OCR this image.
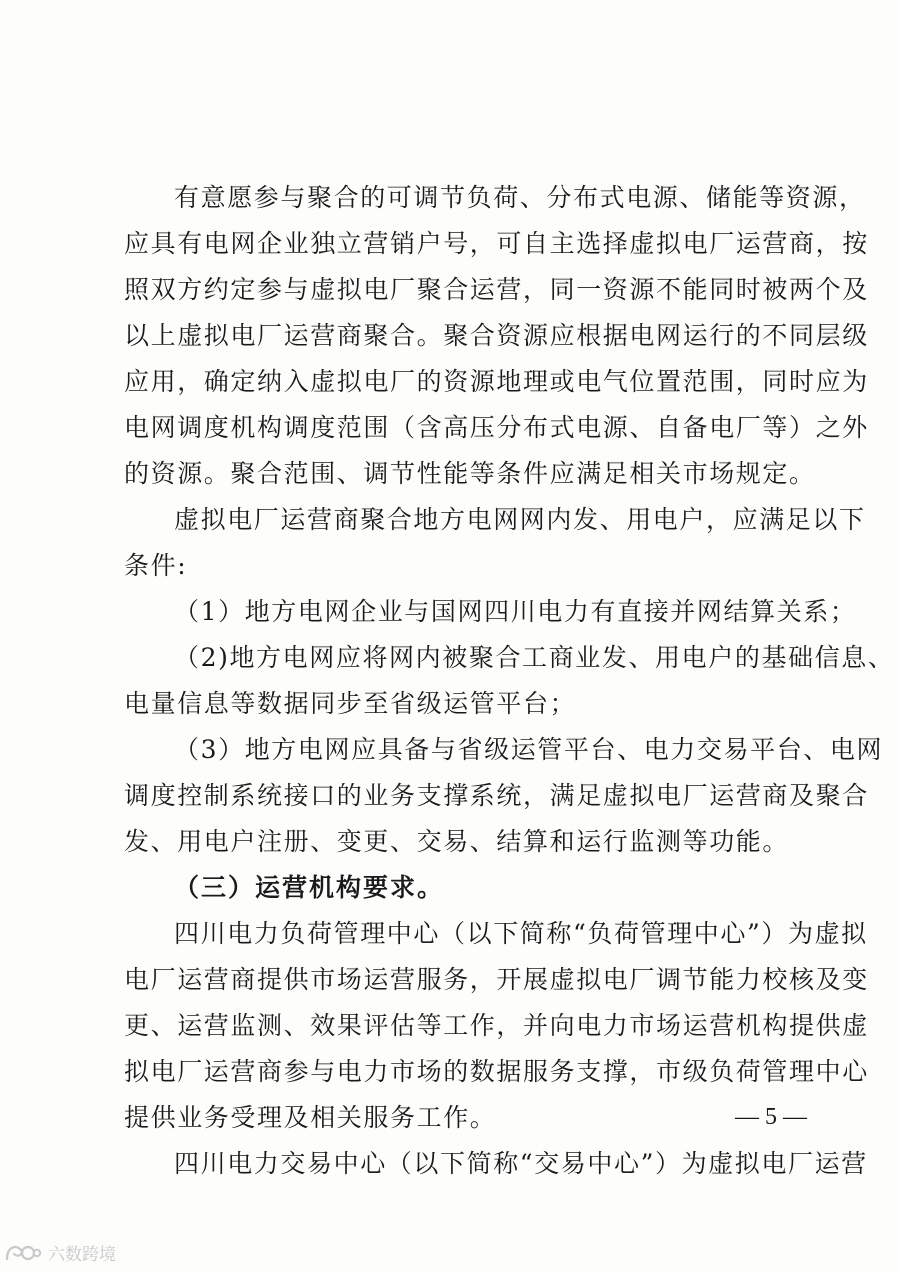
有意愿参与聚合的可调节负荷、分布式电源、储能等资源，
应具有电网企业独立营销户号，可自主选择虚拟电厂运营商，按
照双方约定参与虚拟电厂聚合运营，同一资源不能同时被两个及
以上虚拟电厂运营商聚合。聚合资源应根据电网运行的不同层级
应用，确定纳入虚拟电厂的资源地理或电气位置范围，同时应为
电网调度机构调度范围（含高压分布式电源、自备电厂等）之外
的资源。聚合范围、调节性能等条件应满足相关市场规定。
虚拟电厂运营商聚合地方电网网内发、用电户，应满足以下
条件:
（1）地方电网企业与国网四川电力有直接并网结算关系；
（2)地方电网应将网内被聚合工商业发、用电户的基础信息、
电量信息等数据同步至省级运管平台；
（3）地方电网应具备与省级运管平台、电力交易平台、电网
调度控制系统接口的业务支撑系统，满足虚拟电厂运营商及聚合
发、用电户注册、变更、交易、结算和运行监测等功能。
（三）运营机构要求。
四川电力负荷管理中心（以下简称“负荷管理中心”）为虚拟
电厂运营商提供市场运营服务，开展虚拟电厂调节能力校核及变
更、运营监测、效果评估等工作，并向电力市场运营机构提供虚
拟电厂运营商参与电力市场的数据服务支撑，市级负荷管理中心
提供业务受理及相关服务工作。
四川电力交易中心（以下简称“交易中心”）为虚拟电厂运营
— 5 —
六数跨境
